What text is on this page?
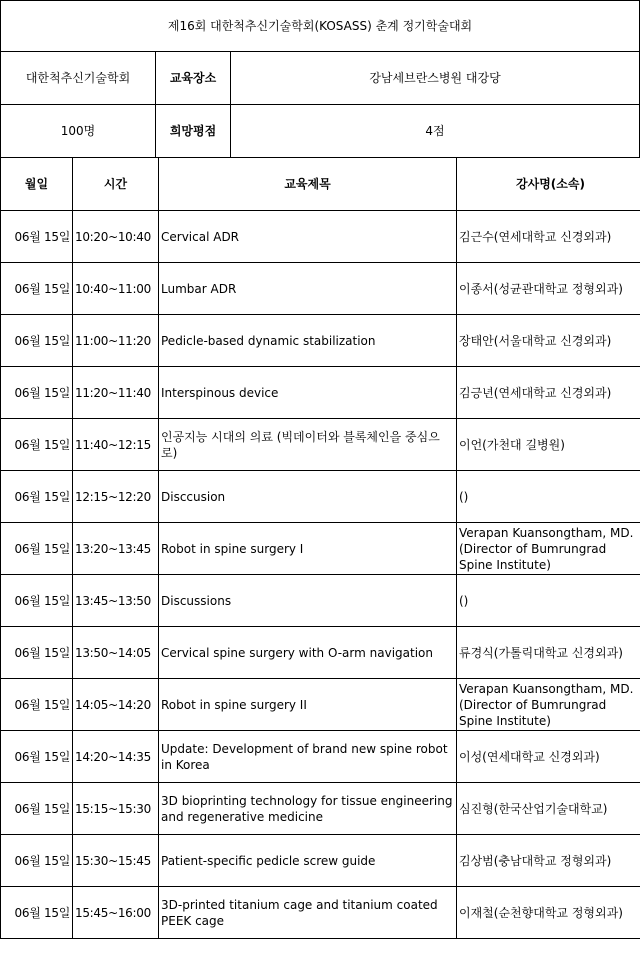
제16회 대한척추신기술학회(KOSASS) 춘계 정기학술대회
대한척추신기술학회	교육장소	강남세브란스병원 대강당
100명	희망평점	4점
월일	시간	교육제목	강사명(소속)
06월 15일	10:20~10:40	Cervical ADR	김근수(연세대학교 신경외과)
06월 15일	10:40~11:00	Lumbar ADR	이종서(성균관대학교 정형외과)
06월 15일	11:00~11:20	Pedicle-based dynamic stabilization	장태안(서울대학교 신경외과)
06월 15일	11:20~11:40	Interspinous device	김긍년(연세대학교 신경외과)
06월 15일	11:40~12:15	인공지능 시대의 의료 (빅데이터와 블록체인을 중심으로)	이언(가천대 길병원)
06월 15일	12:15~12:20	Disccusion	()
06월 15일	13:20~13:45	Robot in spine surgery I	Verapan Kuansongtham, MD.(Director of Bumrungrad Spine Institute)
06월 15일	13:45~13:50	Discussions	()
06월 15일	13:50~14:05	Cervical spine surgery with O-arm navigation	류경식(가톨릭대학교 신경외과)
06월 15일	14:05~14:20	Robot in spine surgery II	Verapan Kuansongtham, MD.(Director of Bumrungrad Spine Institute)
06월 15일	14:20~14:35	Update: Development of brand new spine robot in Korea	이성(연세대학교 신경외과)
06월 15일	15:15~15:30	3D bioprinting technology for tissue engineering and regenerative medicine	심진형(한국산업기술대학교)
06월 15일	15:30~15:45	Patient-specific pedicle screw guide	김상범(충남대학교 정형외과)
06월 15일	15:45~16:00	3D-printed titanium cage and titanium coated PEEK cage	이재철(순천향대학교 정형외과)
